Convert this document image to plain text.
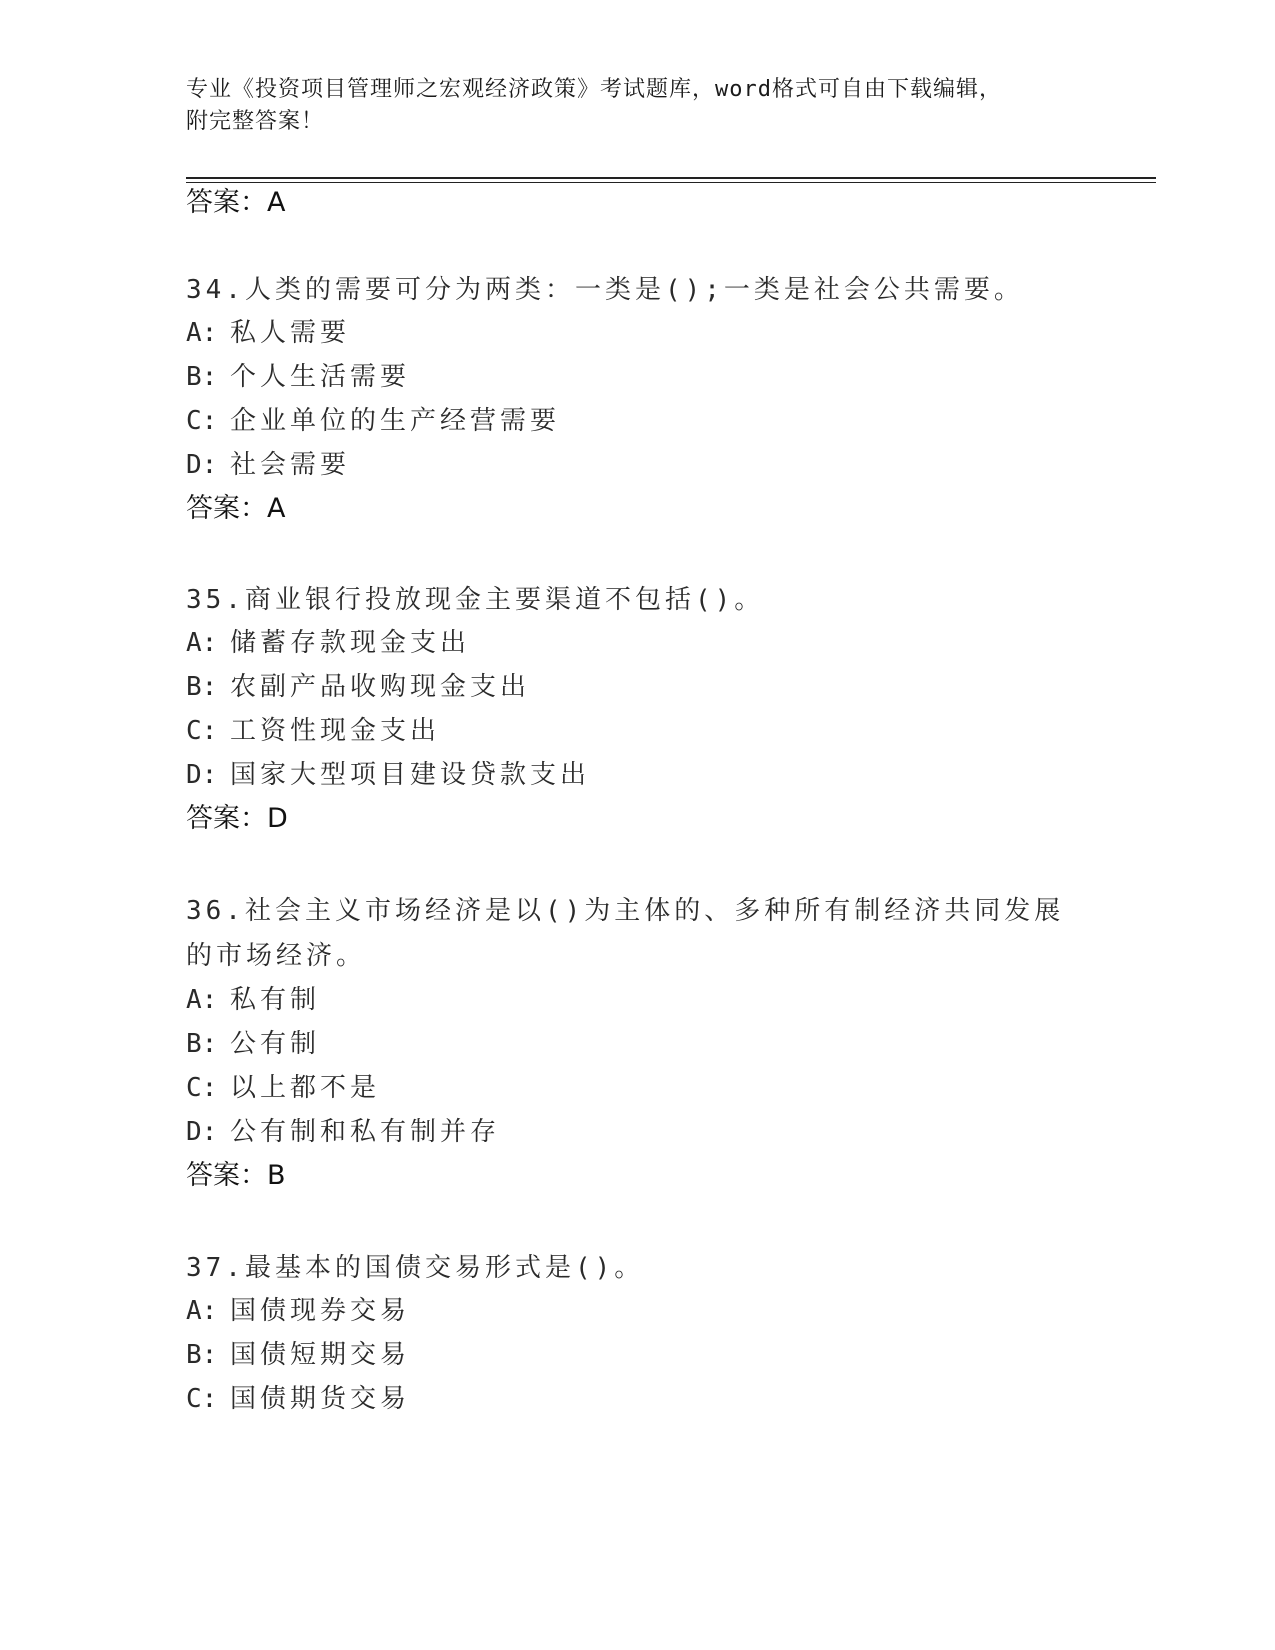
专业《投资项目管理师之宏观经济政策》考试题库，word格式可自由下载编辑，
附完整答案！
答案：A
34.人类的需要可分为两类：一类是();一类是社会公共需要。
A: 私人需要
B: 个人生活需要
C: 企业单位的生产经营需要
D: 社会需要
答案：A
35.商业银行投放现金主要渠道不包括()。
A: 储蓄存款现金支出
B: 农副产品收购现金支出
C: 工资性现金支出
D: 国家大型项目建设贷款支出
答案：D
36.社会主义市场经济是以()为主体的、多种所有制经济共同发展的市场经济。
A: 私有制
B: 公有制
C: 以上都不是
D: 公有制和私有制并存
答案：B
37.最基本的国债交易形式是()。
A: 国债现券交易
B: 国债短期交易
C: 国债期货交易
